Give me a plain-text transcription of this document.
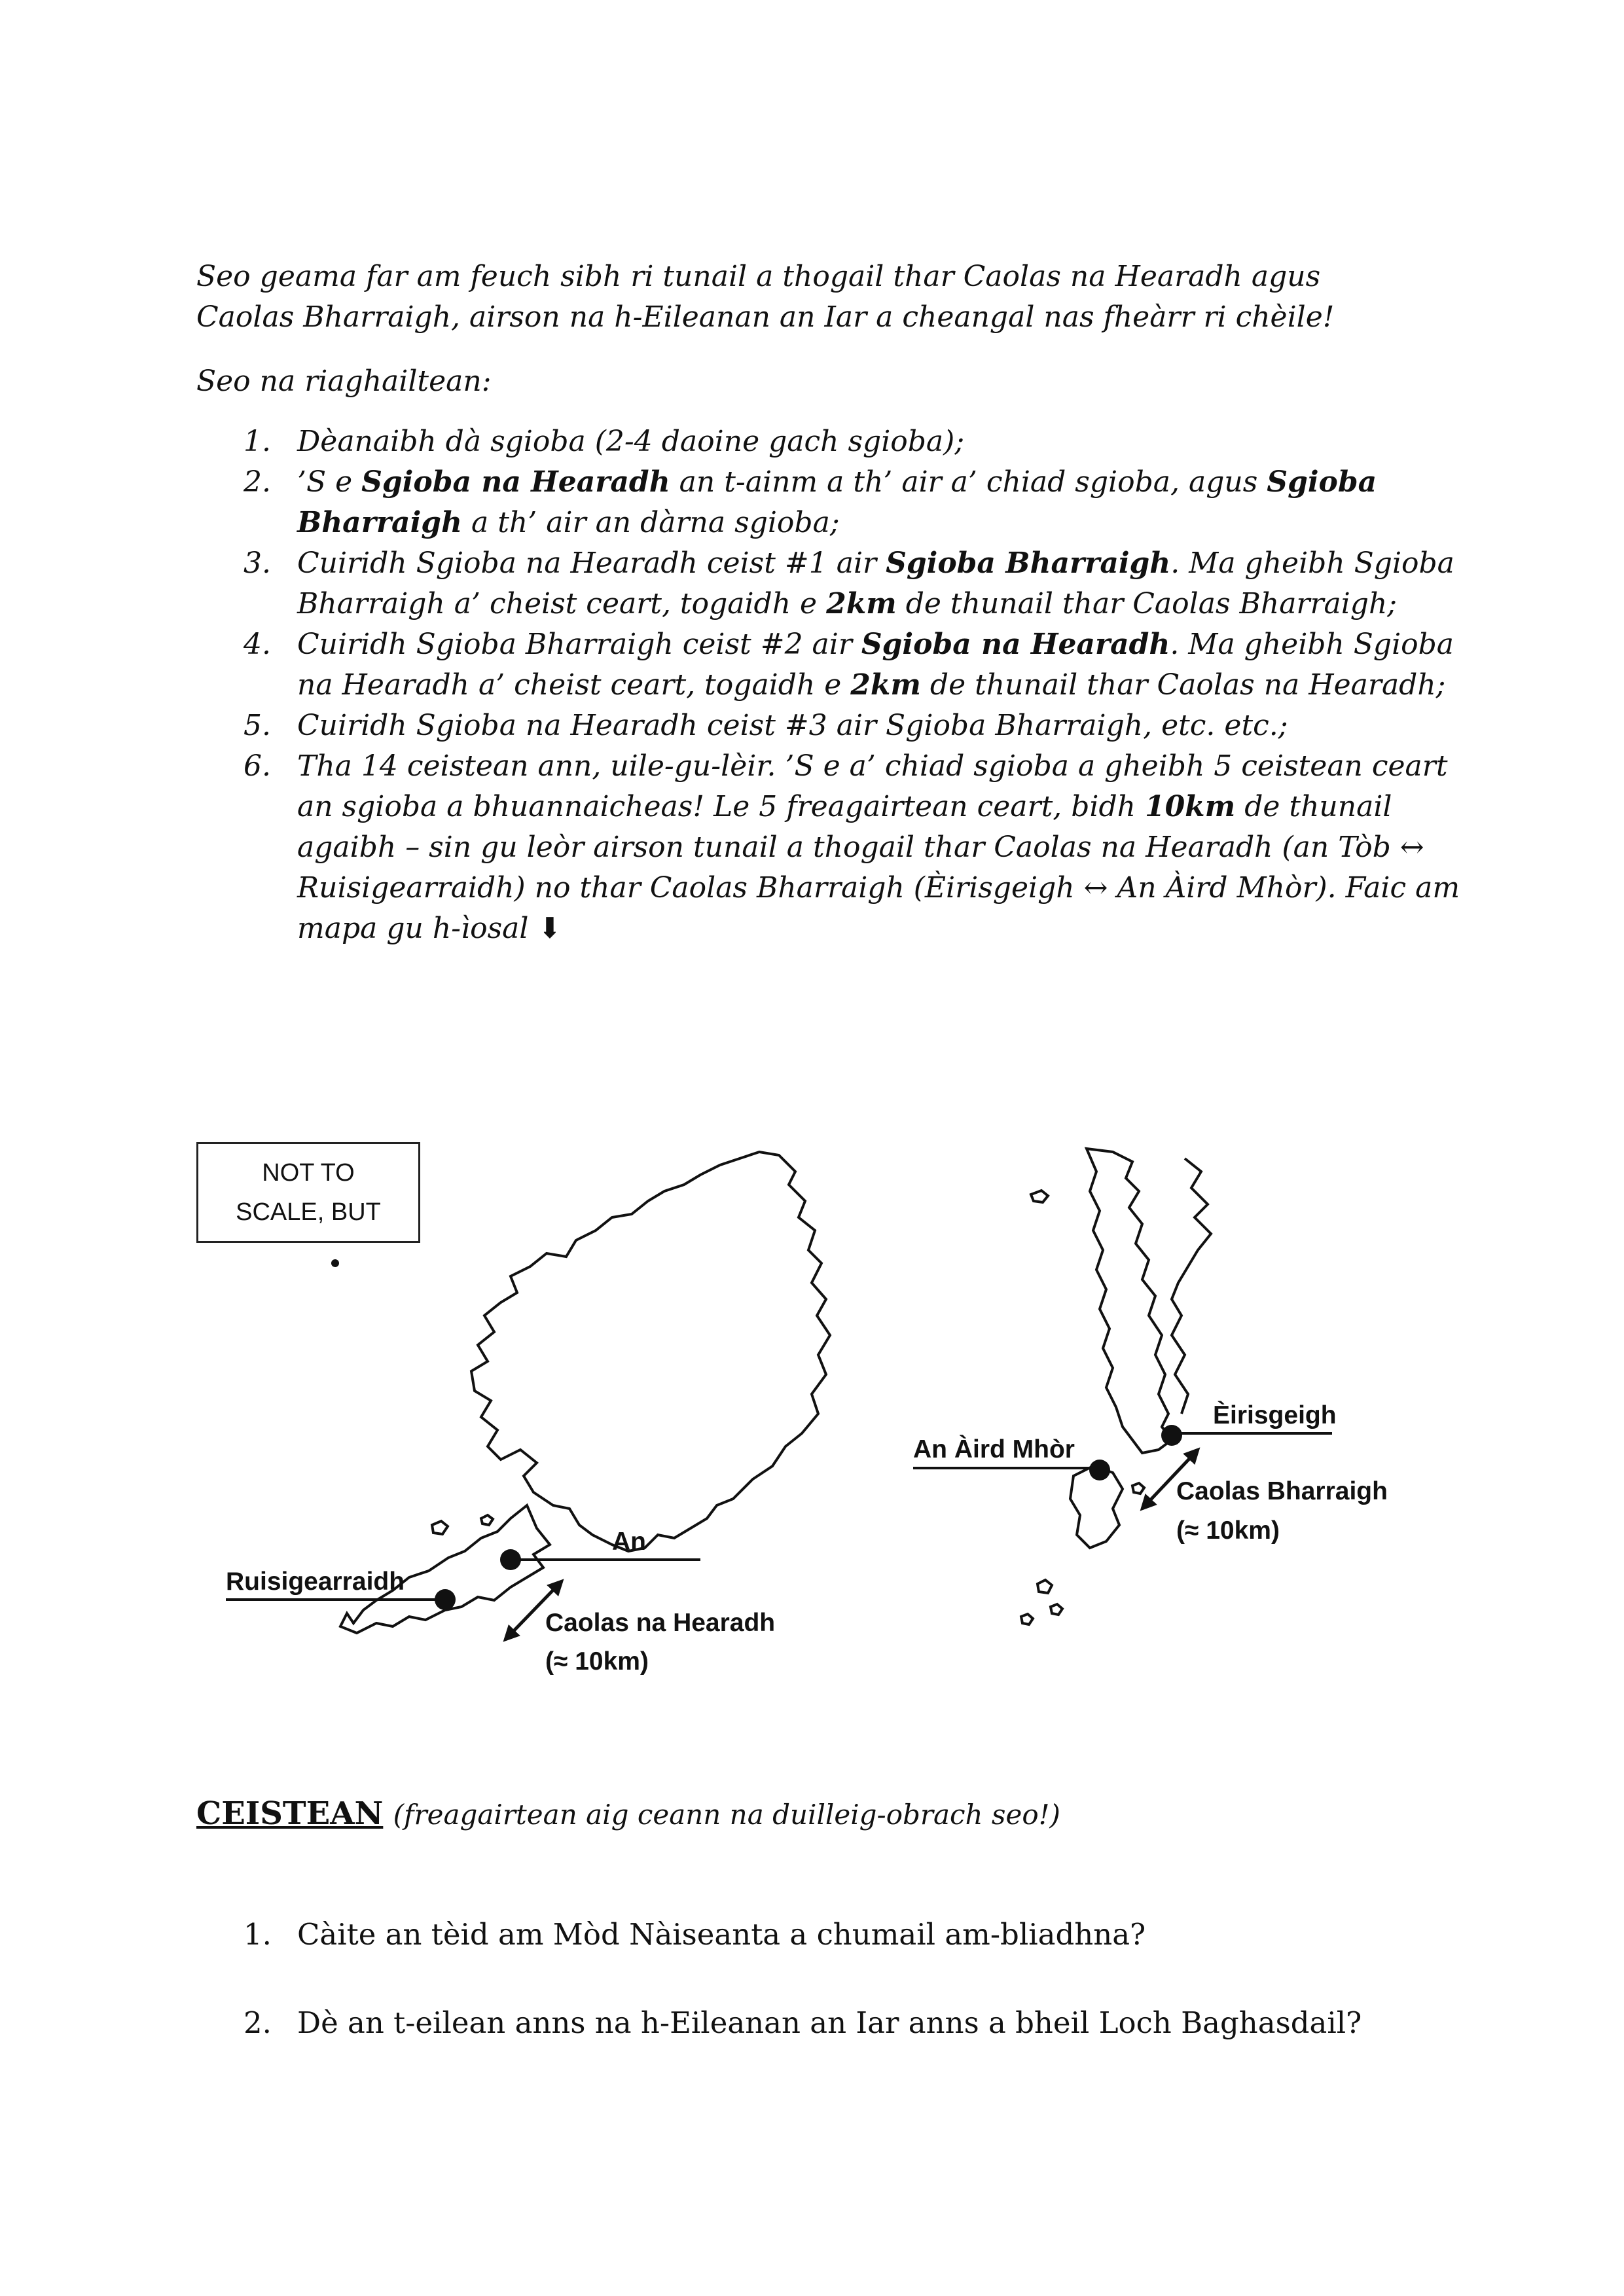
Seo geama far am feuch sibh ri tunail a thogail thar Caolas na Hearadh agus

Caolas Bharraigh, airson na h-Eileanan an Iar a cheangal nas fheàrr ri chèile!

Seo na riaghailtean:
1. Dèanaibh dà sgioba (2-4 daoine gach sgioba);
2. ’S e Sgioba na Hearadh an t-ainm a th’ air a’ chiad sgioba, agus Sgioba Bharraigh a th’ air an dàrna sgioba;
3. Cuiridh Sgioba na Hearadh ceist #1 air Sgioba Bharraigh. Ma gheibh Sgioba Bharraigh a’ cheist ceart, togaidh e 2km de thunail thar Caolas Bharraigh;
4. Cuiridh Sgioba Bharraigh ceist #2 air Sgioba na Hearadh. Ma gheibh Sgioba na Hearadh a’ cheist ceart, togaidh e 2km de thunail thar Caolas na Hearadh;
5. Cuiridh Sgioba na Hearadh ceist #3 air Sgioba Bharraigh, etc. etc.;
6. Tha 14 ceistean ann, uile-gu-lèir. ’S e a’ chiad sgioba a gheibh 5 ceistean ceart an sgioba a bhuannaicheas! Le 5 freagairtean ceart, bidh 10km de thunail agaibh – sin gu leòr airson tunail a thogail thar Caolas na Hearadh (an Tòb ↔ Ruisigearraidh) no thar Caolas Bharraigh (Èirisgeigh ↔ An Àird Mhòr). Faic am mapa gu h-ìosal ⬇
An
Ruisigearraidh
Caolas na Hearadh
(≈ 10km)
An Àird Mhòr
Èirisgeigh
Caolas Bharraigh
(≈ 10km)
NOT TO
SCALE, BUT
CEISTEAN (freagairtean aig ceann na duilleig-obrach seo!)
1. Càite an tèid am Mòd Nàiseanta a chumail am-bliadhna?
2. Dè an t-eilean anns na h-Eileanan an Iar anns a bheil Loch Baghasdail?
